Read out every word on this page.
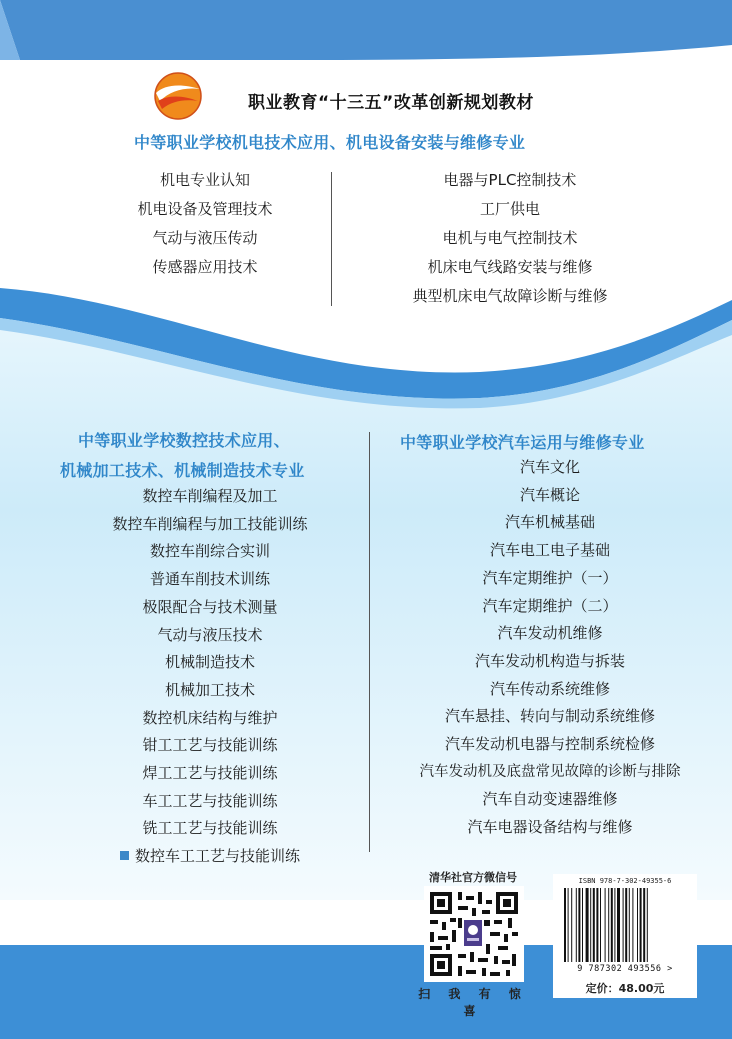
职业教育“十三五”改革创新规划教材
中等职业学校机电技术应用、机电设备安装与维修专业
机电专业认知
机电设备及管理技术
气动与液压传动
传感器应用技术
电器与PLC控制技术
工厂供电
电机与电气控制技术
机床电气线路安装与维修
典型机床电气故障诊断与维修
中等职业学校数控技术应用、
机械加工技术、机械制造技术专业
数控车削编程及加工
数控车削编程与加工技能训练
数控车削综合实训
普通车削技术训练
极限配合与技术测量
气动与液压技术
机械制造技术
机械加工技术
数控机床结构与维护
钳工工艺与技能训练
焊工工艺与技能训练
车工工艺与技能训练
铣工工艺与技能训练
数控车工工艺与技能训练
中等职业学校汽车运用与维修专业
汽车文化
汽车概论
汽车机械基础
汽车电工电子基础
汽车定期维护（一）
汽车定期维护（二）
汽车发动机维修
汽车发动机构造与拆装
汽车传动系统维修
汽车悬挂、转向与制动系统维修
汽车发动机电器与控制系统检修
汽车发动机及底盘常见故障的诊断与排除
汽车自动变速器维修
汽车电器设备结构与维修
清华社官方微信号
扫 我 有 惊 喜
ISBN 978-7-302-49355-6
9 787302 493556 >
定价：48.00元
